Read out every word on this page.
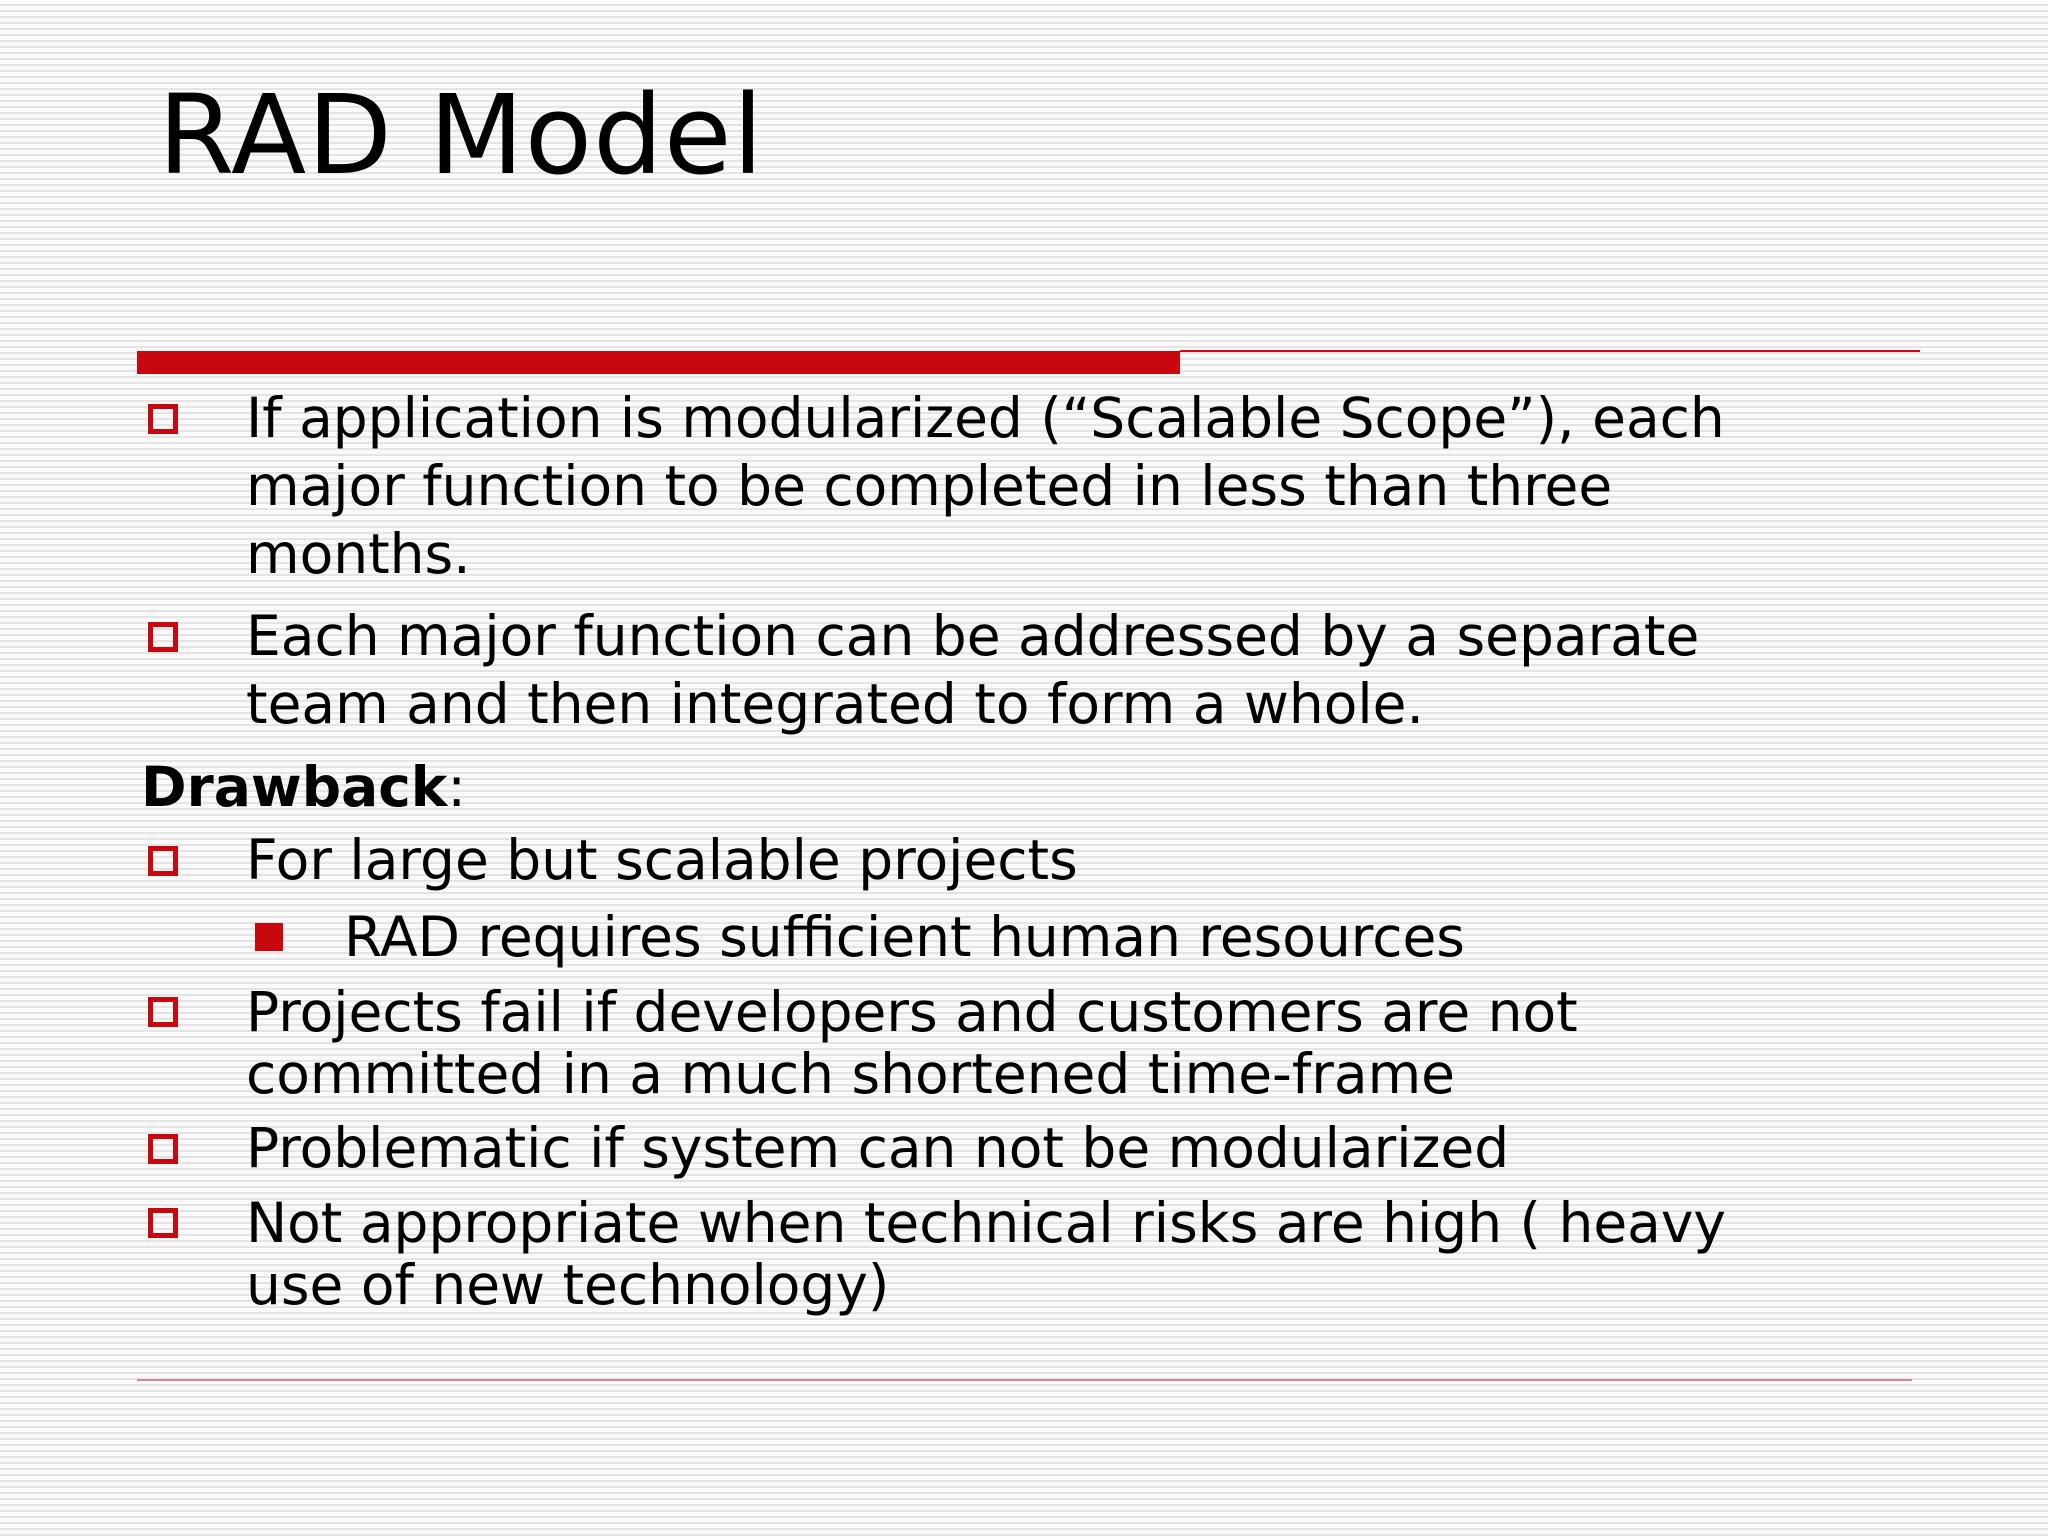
RAD Model
If application is modularized (“Scalable Scope”), each
major function to be completed in less than three
months.
Each major function can be addressed by a separate
team and then integrated to form a whole.
Drawback:
For large but scalable projects
RAD requires sufficient human resources
Projects fail if developers and customers are not
committed in a much shortened time-frame
Problematic if system can not be modularized
Not appropriate when technical risks are high ( heavy
use of new technology)
